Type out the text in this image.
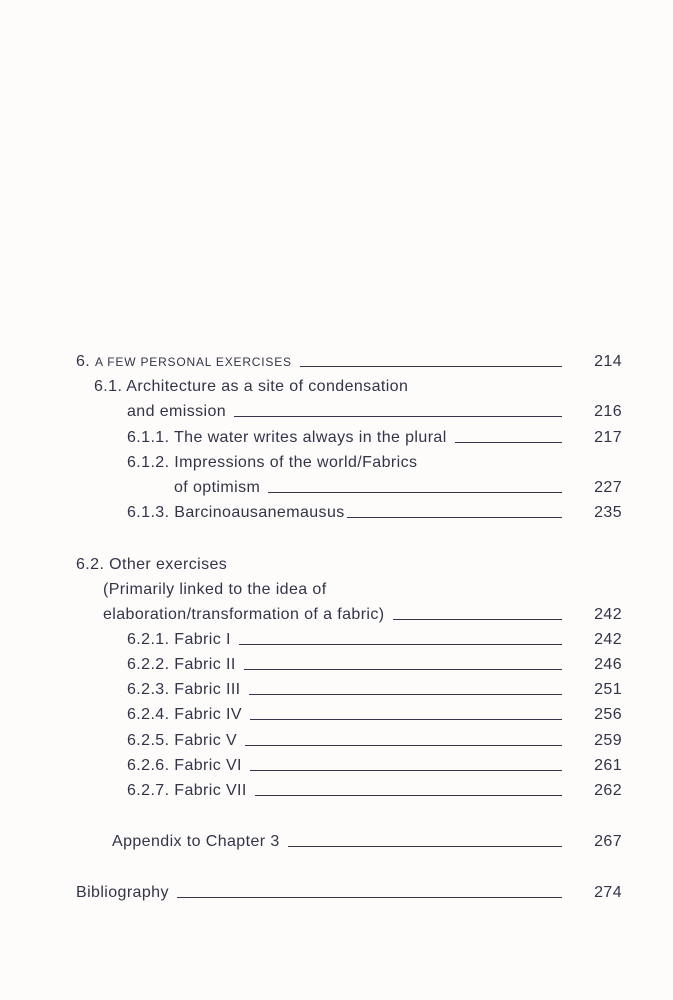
6. A FEW PERSONAL EXERCISES	214
6.1. Architecture as a site of condensation
and emission	216
6.1.1. The water writes always in the plural	217
6.1.2. Impressions of the world/Fabrics
of optimism	227
6.1.3. Barcinoausanemausus	235
6.2. Other exercises
(Primarily linked to the idea of
elaboration/transformation of a fabric)	242
6.2.1. Fabric I	242
6.2.2. Fabric II	246
6.2.3. Fabric III	251
6.2.4. Fabric IV	256
6.2.5. Fabric V	259
6.2.6. Fabric VI	261
6.2.7. Fabric VII	262
Appendix to Chapter 3	267
Bibliography	274
